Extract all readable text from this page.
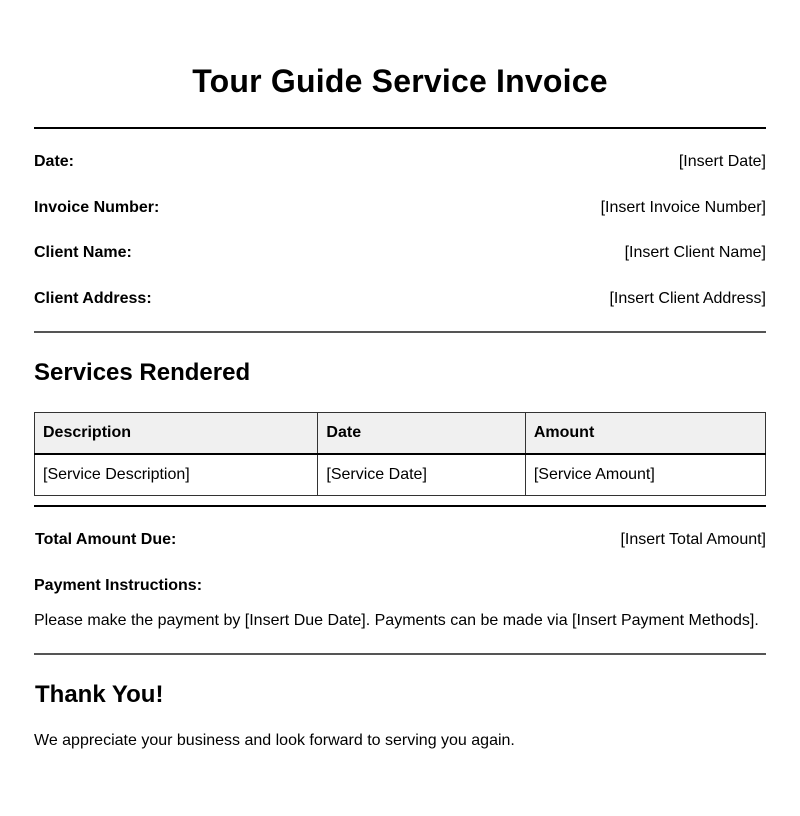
Tour Guide Service Invoice
Date:	[Insert Date]
Invoice Number:	[Insert Invoice Number]
Client Name:	[Insert Client Name]
Client Address:	[Insert Client Address]
Services Rendered
Description	Date	Amount
[Service Description]	[Service Date]	[Service Amount]
Total Amount Due:	[Insert Total Amount]

Payment Instructions:

Please make the payment by [Insert Due Date]. Payments can be made via [Insert Payment Methods].

Thank You!

We appreciate your business and look forward to serving you again.
